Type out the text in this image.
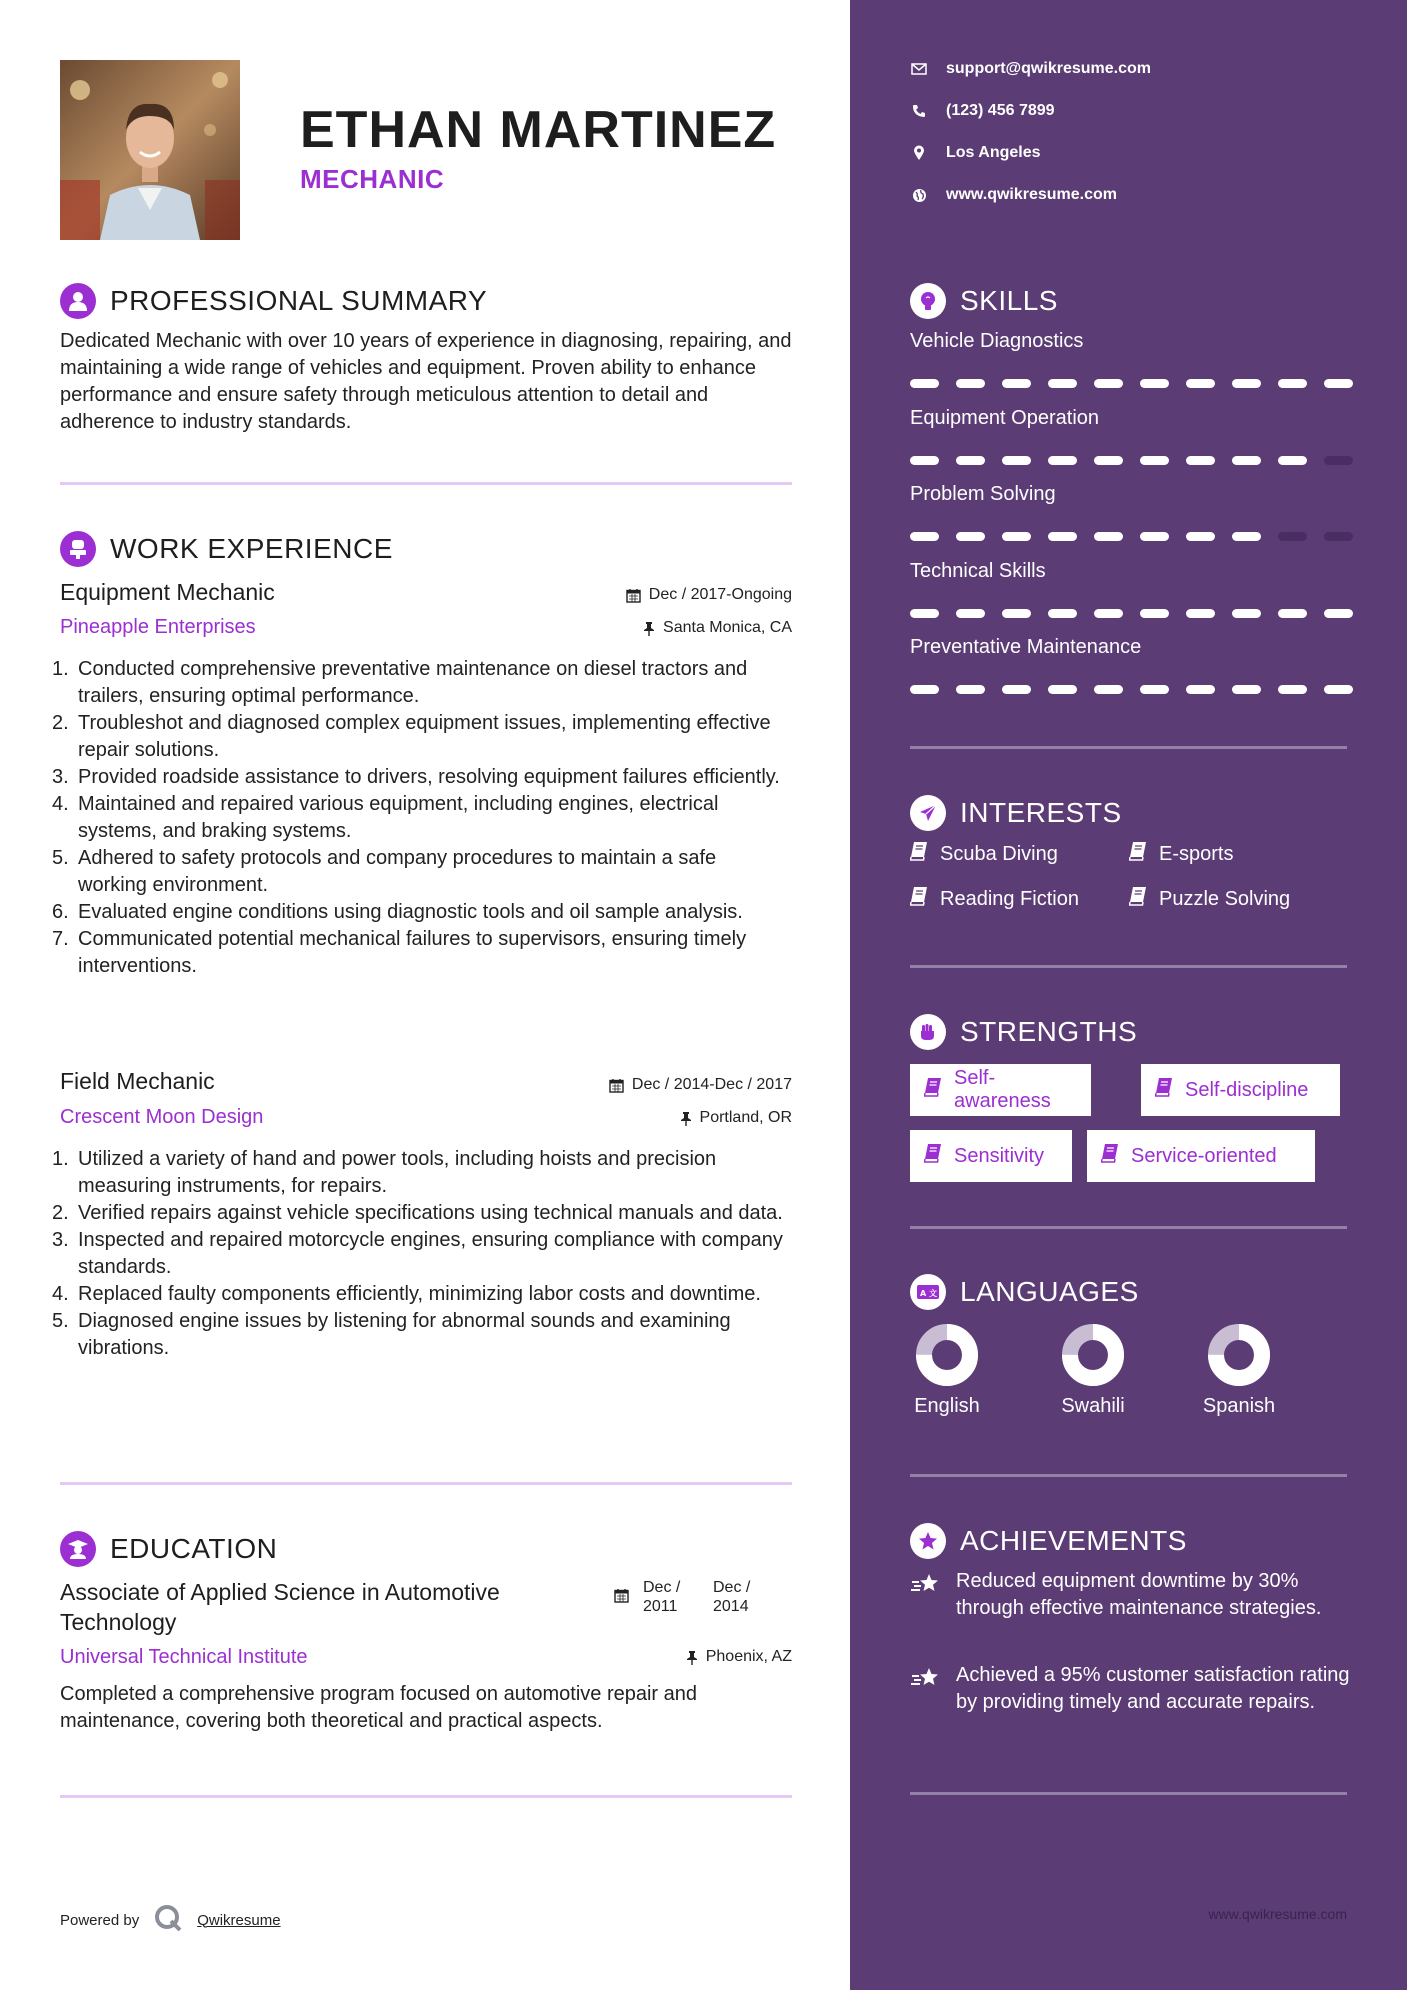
ETHAN MARTINEZ
MECHANIC
PROFESSIONAL SUMMARY
Dedicated Mechanic with over 10 years of experience in diagnosing, repairing, and maintaining a wide range of vehicles and equipment. Proven ability to enhance performance and ensure safety through meticulous attention to detail and adherence to industry standards.
WORK EXPERIENCE
Equipment Mechanic
Pineapple Enterprises
Dec / 2017-Ongoing
Santa Monica, CA
Conducted comprehensive preventative maintenance on diesel tractors and trailers, ensuring optimal performance.
Troubleshot and diagnosed complex equipment issues, implementing effective repair solutions.
Provided roadside assistance to drivers, resolving equipment failures efficiently.
Maintained and repaired various equipment, including engines, electrical systems, and braking systems.
Adhered to safety protocols and company procedures to maintain a safe working environment.
Evaluated engine conditions using diagnostic tools and oil sample analysis.
Communicated potential mechanical failures to supervisors, ensuring timely interventions.
Field Mechanic
Crescent Moon Design
Dec / 2014-Dec / 2017
Portland, OR
Utilized a variety of hand and power tools, including hoists and precision measuring instruments, for repairs.
Verified repairs against vehicle specifications using technical manuals and data.
Inspected and repaired motorcycle engines, ensuring compliance with company standards.
Replaced faulty components efficiently, minimizing labor costs and downtime.
Diagnosed engine issues by listening for abnormal sounds and examining vibrations.
EDUCATION
Associate of Applied Science in Automotive
Technology
Dec /
2011
Dec /
2014
Universal Technical Institute	Phoenix, AZ
Completed a comprehensive program focused on automotive repair and maintenance, covering both theoretical and practical aspects.
Powered by	Qwikresume
support@qwikresume.com
(123) 456 7899
Los Angeles
www.qwikresume.com
SKILLS
Vehicle Diagnostics
Equipment Operation
Problem Solving
Technical Skills
Preventative Maintenance
INTERESTS
Scuba Diving	E-sports
Reading Fiction	Puzzle Solving
STRENGTHS
Self-awareness
Self-discipline
Sensitivity	Service-oriented
A 文 LANGUAGES
English	Swahili	Spanish
ACHIEVEMENTS
Reduced equipment downtime by 30% through effective maintenance strategies.
Achieved a 95% customer satisfaction rating by providing timely and accurate repairs.
www.qwikresume.com
